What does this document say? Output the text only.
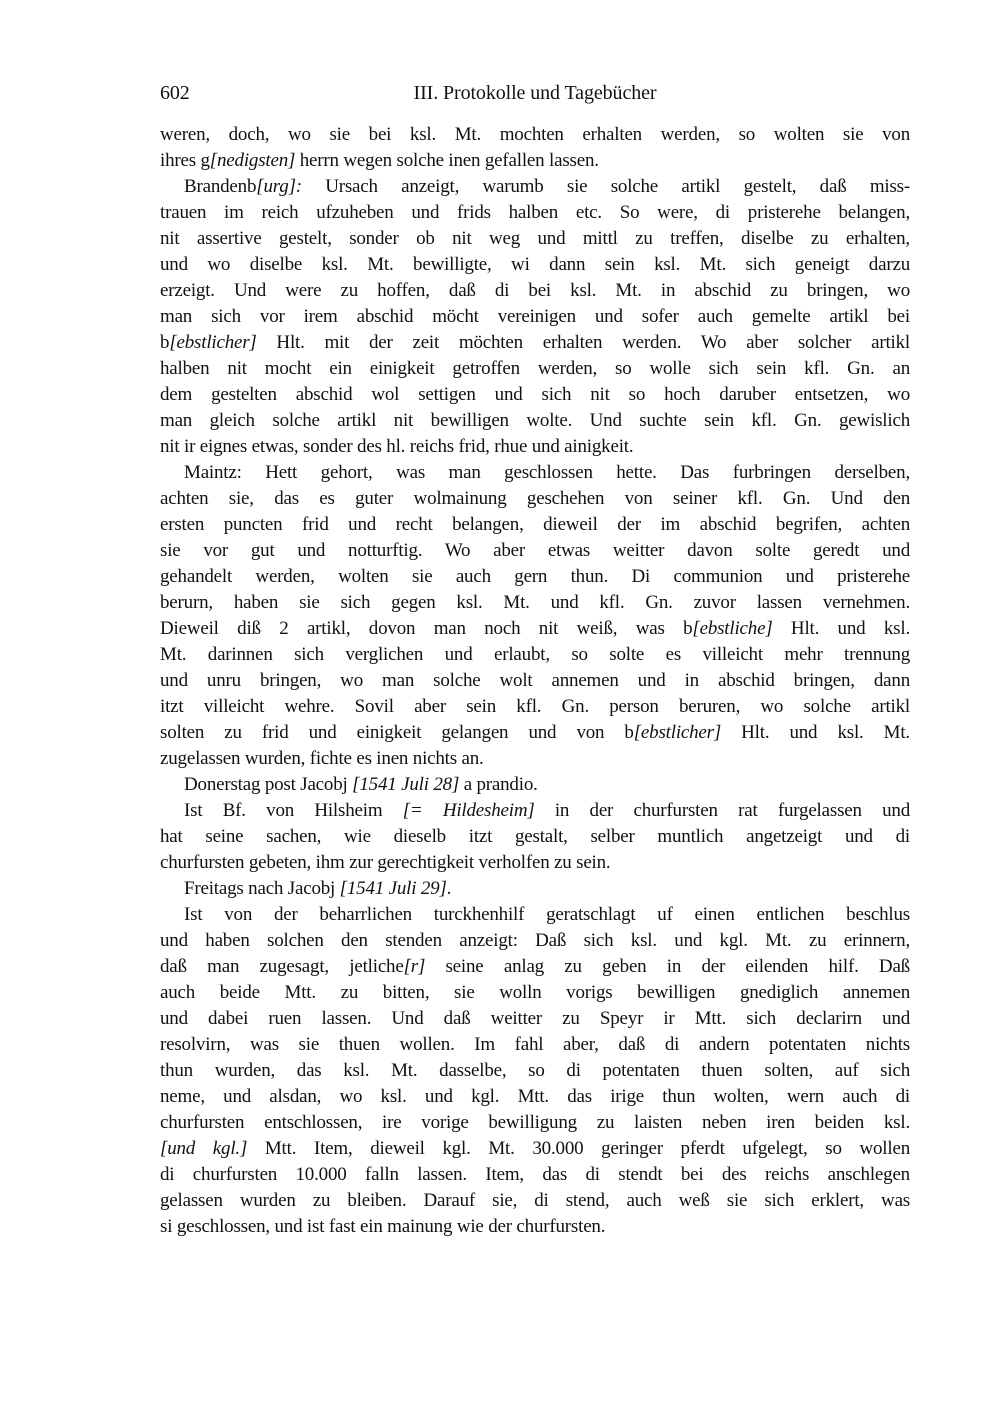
602	III. Protokolle und Tagebücher
weren, doch, wo sie bei ksl. Mt. mochten erhalten werden, so wolten sie von
ihres g[nedigsten] herrn wegen solche inen gefallen lassen.
Brandenb[urg]: Ursach anzeigt, warumb sie solche artikl gestelt, daß miss-
trauen im reich ufzuheben und frids halben etc. So were, di pristerehe belangen,
nit assertive gestelt, sonder ob nit weg und mittl zu treffen, diselbe zu erhalten,
und wo diselbe ksl. Mt. bewilligte, wi dann sein ksl. Mt. sich geneigt darzu
erzeigt. Und were zu hoffen, daß di bei ksl. Mt. in abschid zu bringen, wo
man sich vor irem abschid möcht vereinigen und sofer auch gemelte artikl bei
b[ebstlicher] Hlt. mit der zeit möchten erhalten werden. Wo aber solcher artikl
halben nit mocht ein einigkeit getroffen werden, so wolle sich sein kfl. Gn. an
dem gestelten abschid wol settigen und sich nit so hoch daruber entsetzen, wo
man gleich solche artikl nit bewilligen wolte. Und suchte sein kfl. Gn. gewislich
nit ir eignes etwas, sonder des hl. reichs frid, rhue und ainigkeit.
Maintz: Hett gehort, was man geschlossen hette. Das furbringen derselben,
achten sie, das es guter wolmainung geschehen von seiner kfl. Gn. Und den
ersten puncten frid und recht belangen, dieweil der im abschid begrifen, achten
sie vor gut und notturftig. Wo aber etwas weitter davon solte geredt und
gehandelt werden, wolten sie auch gern thun. Di communion und pristerehe
berurn, haben sie sich gegen ksl. Mt. und kfl. Gn. zuvor lassen vernehmen.
Dieweil diß 2 artikl, dovon man noch nit weiß, was b[ebstliche] Hlt. und ksl.
Mt. darinnen sich verglichen und erlaubt, so solte es villeicht mehr trennung
und unru bringen, wo man solche wolt annemen und in abschid bringen, dann
itzt villeicht wehre. Sovil aber sein kfl. Gn. person beruren, wo solche artikl
solten zu frid und einigkeit gelangen und von b[ebstlicher] Hlt. und ksl. Mt.
zugelassen wurden, fichte es inen nichts an.
Donerstag post Jacobj [1541 Juli 28] a prandio.
Ist Bf. von Hilsheim [= Hildesheim] in der churfursten rat furgelassen und
hat seine sachen, wie dieselb itzt gestalt, selber muntlich angetzeigt und di
churfursten gebeten, ihm zur gerechtigkeit verholfen zu sein.
Freitags nach Jacobj [1541 Juli 29].
Ist von der beharrlichen turckhenhilf geratschlagt uf einen entlichen beschlus
und haben solchen den stenden anzeigt: Daß sich ksl. und kgl. Mt. zu erinnern,
daß man zugesagt, jetliche[r] seine anlag zu geben in der eilenden hilf. Daß
auch beide Mtt. zu bitten, sie wolln vorigs bewilligen gnediglich annemen
und dabei ruen lassen. Und daß weitter zu Speyr ir Mtt. sich declarirn und
resolvirn, was sie thuen wollen. Im fahl aber, daß di andern potentaten nichts
thun wurden, das ksl. Mt. dasselbe, so di potentaten thuen solten, auf sich
neme, und alsdan, wo ksl. und kgl. Mtt. das irige thun wolten, wern auch di
churfursten entschlossen, ire vorige bewilligung zu laisten neben iren beiden ksl.
[und kgl.] Mtt. Item, dieweil kgl. Mt. 30.000 geringer pferdt ufgelegt, so wollen
di churfursten 10.000 falln lassen. Item, das di stendt bei des reichs anschlegen
gelassen wurden zu bleiben. Darauf sie, di stend, auch weß sie sich erklert, was
si geschlossen, und ist fast ein mainung wie der churfursten.
